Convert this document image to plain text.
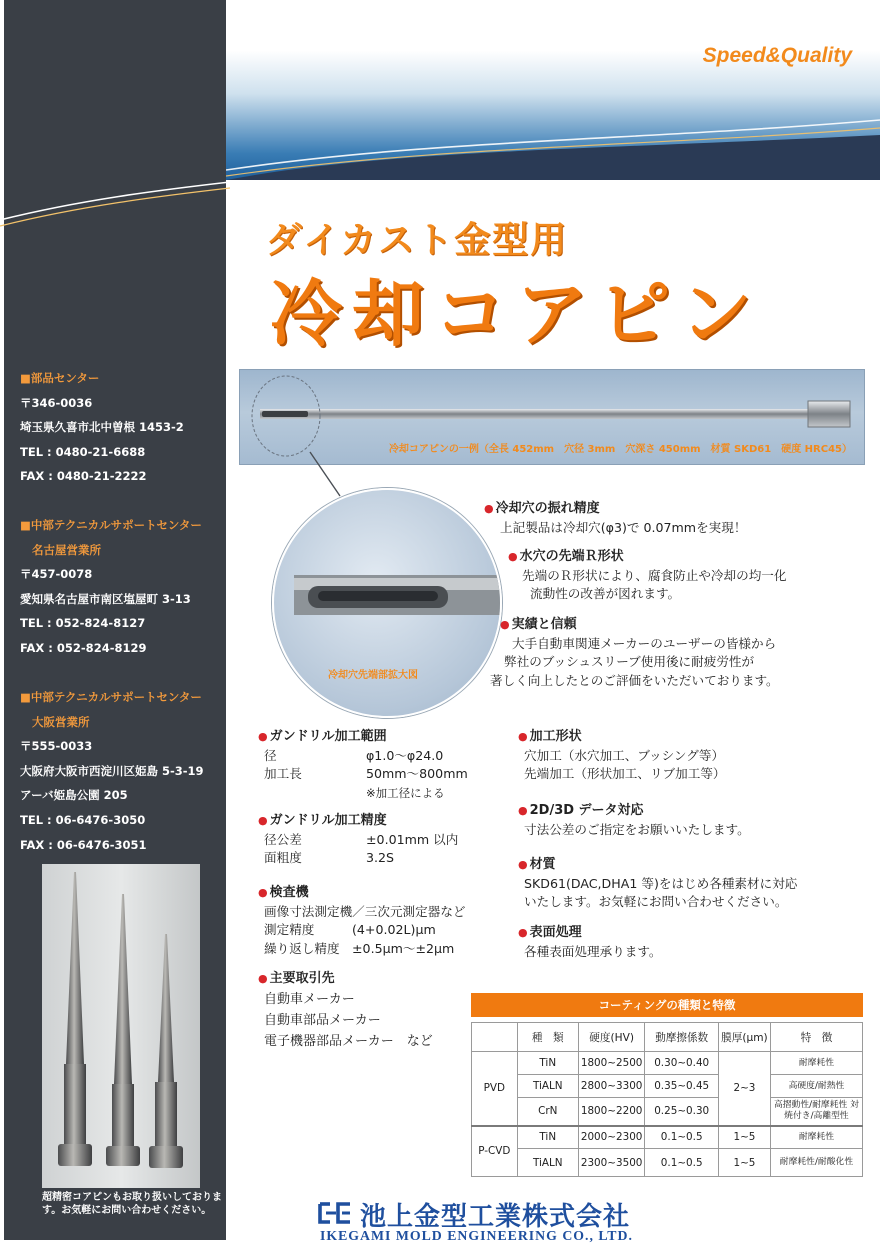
■部品センター
〒346-0036
埼玉県久喜市北中曽根 1453-2
TEL : 0480-21-6688
FAX : 0480-21-2222
■中部テクニカルサポートセンター
名古屋営業所
〒457-0078
愛知県名古屋市南区塩屋町 3-13
TEL : 052-824-8127
FAX : 052-824-8129
■中部テクニカルサポートセンター
大阪営業所
〒555-0033
大阪府大阪市西淀川区姫島 5-3-19
アーバ姫島公園 205
TEL : 06-6476-3050
FAX : 06-6476-3051
超精密コアピンもお取り扱いしております。お気軽にお問い合わせください。
Speed&Quality
ダイカスト金型用
冷却コアピン
冷却コアピンの一例（全長 452mm　穴径 3mm　穴深さ 450mm　材質 SKD61　硬度 HRC45）
冷却穴先端部拡大図
● 冷却穴の振れ精度
上記製品は冷却穴(φ3)で 0.07mmを実現！
● 水穴の先端Ｒ形状
先端のＲ形状により、腐食防止や冷却の均一化
流動性の改善が図れます。
● 実績と信頼
大手自動車関連メーカーのユーザーの皆様から
弊社のブッシュスリーブ使用後に耐疲労性が
著しく向上したとのご評価をいただいております。
● ガンドリル加工範囲
径	φ1.0～φ24.0
加工長	50mm～800mm
※加工径による
● ガンドリル加工精度
径公差	±0.01mm 以内
面粗度	3.2S
● 検査機
画像寸法測定機／三次元測定器など
測定精度	(4+0.02L)μm
繰り返し精度 ±0.5μm～±2μm
● 主要取引先
自動車メーカー
自動車部品メーカー
電子機器部品メーカー　など
● 加工形状
穴加工（水穴加工、ブッシング等）
先端加工（形状加工、リブ加工等）
● 2D/3D データ対応
寸法公差のご指定をお願いいたします。
● 材質
SKD61(DAC,DHA1 等)をはじめ各種素材に対応
いたします。お気軽にお問い合わせください。
● 表面処理
各種表面処理承ります。
コーティングの種類と特徴
	種　類	硬度(HV)	動摩擦係数	膜厚(μm)	特　徴
PVD	TiN	1800~2500	0.30~0.40	2~3	耐摩耗性
	TiALN	2800~3300	0.35~0.45		高硬度/耐熱性
	CrN	1800~2200	0.25~0.30		高摺動性/耐摩耗性 対焼付き/高離型性
P-CVD	TiN	2000~2300	0.1~0.5	1~5	耐摩耗性
	TiALN	2300~3500	0.1~0.5	1~5	耐摩耗性/耐酸化性
池上金型工業株式会社
IKEGAMI MOLD ENGINEERING CO., LTD.
